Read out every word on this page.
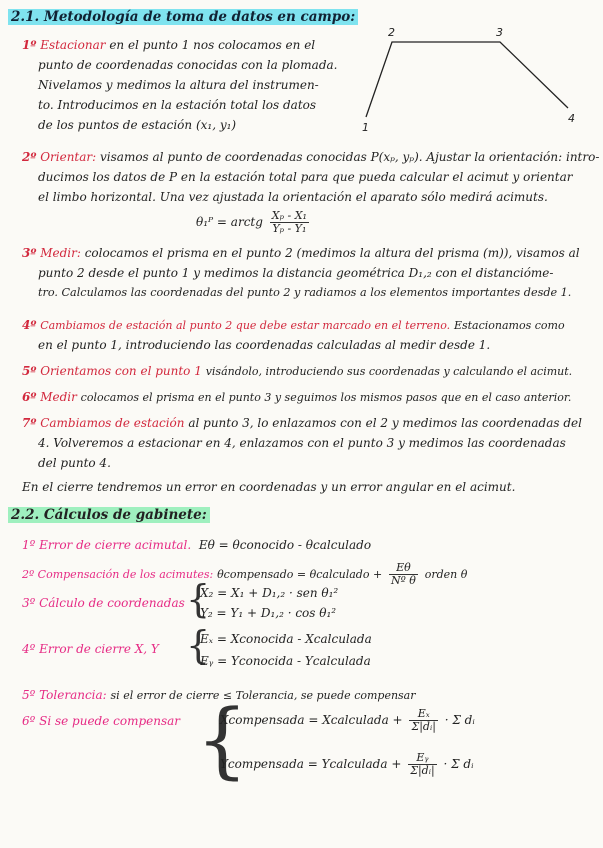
2.1. Metodología de toma de datos en campo:
1
2	3
4
1º Estacionar en el punto 1 nos colocamos en el
punto de coordenadas conocidas con la plomada.
Nivelamos y medimos la altura del instrumen-
to. Introducimos en la estación total los datos
de los puntos de estación (x₁, y₁)
2º Orientar: visamos al punto de coordenadas conocidas P(xₚ, yₚ). Ajustar la orientación: intro-
ducimos los datos de P en la estación total para que pueda calcular el acimut y orientar
el limbo horizontal. Una vez ajustada la orientación el aparato sólo medirá acimuts.
θ₁ᴾ = arctg $\frac{\text{Xₚ - X₁}}{\text{Yₚ - Y₁}}$
3º Medir: colocamos el prisma en el punto 2 (medimos la altura del prisma (m)), visamos al
punto 2 desde el punto 1 y medimos la distancia geométrica D₁,₂ con el distancióme-
tro. Calculamos las coordenadas del punto 2 y radiamos a los elementos importantes desde 1.
4º Cambiamos de estación al punto 2 que debe estar marcado en el terreno. Estacionamos como
en el punto 1, introduciendo las coordenadas calculadas al medir desde 1.
5º Orientamos con el punto 1 visándolo, introduciendo sus coordenadas y calculando el acimut.
6º Medir colocamos el prisma en el punto 3 y seguimos los mismos pasos que en el caso anterior.
7º Cambiamos de estación al punto 3, lo enlazamos con el 2 y medimos las coordenadas del
4. Volveremos a estacionar en 4, enlazamos con el punto 3 y medimos las coordenadas
del punto 4.
En el cierre tendremos un error en coordenadas y un error angular en el acimut.
2.2. Cálculos de gabinete:
1º Error de cierre acimutal. Eθ = θconocido - θcalculado
2º Compensación de los acimutes: θcompensado = θcalculado + $\frac{E\theta}{\text{Nº θ}}$ orden θ
3º Cálculo de coordenadas {
X₂ = X₁ + D₁,₂ · sen θ₁²
Y₂ = Y₁ + D₁,₂ · cos θ₁²
4º Error de cierre X, Y {
Eₓ = Xconocida - Xcalculada
Eᵧ = Yconocida - Ycalculada
5º Tolerancia: si el error de cierre ≤ Tolerancia, se puede compensar
6º Si se puede compensar {
Xcompensada = Xcalculada + $\frac{\text{Eₓ}}{\text{Σ|dᵢ|}} \cdot \Sigma$ dᵢ
Ycompensada = Ycalculada + $\frac{\text{Eᵧ}}{\text{Σ|dᵢ|}} \cdot \Sigma$ dᵢ
